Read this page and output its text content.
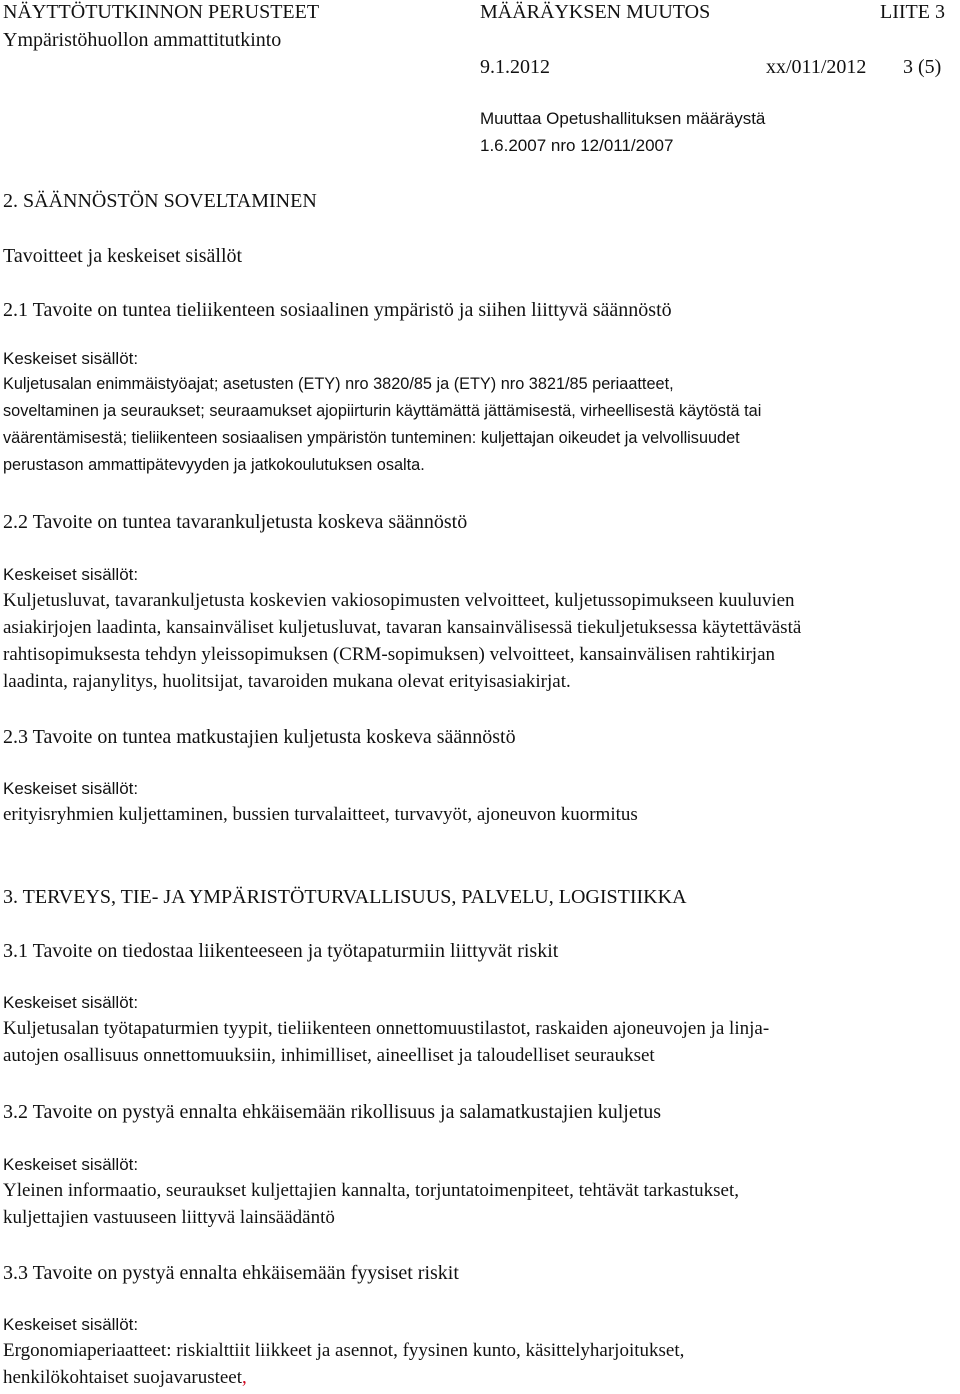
NÄYTTÖTUTKINNON PERUSTEET
Ympäristöhuollon ammattitutkinto
MÄÄRÄYKSEN MUUTOS	LIITE 3
9.1.2012	xx/011/2012 3 (5)
Muuttaa Opetushallituksen määräystä
1.6.2007 nro 12/011/2007
2. SÄÄNNÖSTÖN SOVELTAMINEN
Tavoitteet ja keskeiset sisällöt
2.1 Tavoite on tuntea tieliikenteen sosiaalinen ympäristö ja siihen liittyvä säännöstö
Keskeiset sisällöt:
Kuljetusalan enimmäistyöajat; asetusten (ETY) nro 3820/85 ja (ETY) nro 3821/85 periaatteet,
soveltaminen ja seuraukset; seuraamukset ajopiirturin käyttämättä jättämisestä, virheellisestä käytöstä tai
väärentämisestä; tieliikenteen sosiaalisen ympäristön tunteminen: kuljettajan oikeudet ja velvollisuudet
perustason ammattipätevyyden ja jatkokoulutuksen osalta.
2.2 Tavoite on tuntea tavarankuljetusta koskeva säännöstö
Keskeiset sisällöt:
Kuljetusluvat, tavarankuljetusta koskevien vakiosopimusten velvoitteet, kuljetussopimukseen kuuluvien
asiakirjojen laadinta, kansainväliset kuljetusluvat, tavaran kansainvälisessä tiekuljetuksessa käytettävästä
rahtisopimuksesta tehdyn yleissopimuksen (CRM-sopimuksen) velvoitteet, kansainvälisen rahtikirjan
laadinta, rajanylitys, huolitsijat, tavaroiden mukana olevat erityisasiakirjat.
2.3 Tavoite on tuntea matkustajien kuljetusta koskeva säännöstö
Keskeiset sisällöt:
erityisryhmien kuljettaminen, bussien turvalaitteet, turvavyöt, ajoneuvon kuormitus
3. TERVEYS, TIE- JA YMPÄRISTÖTURVALLISUUS, PALVELU, LOGISTIIKKA
3.1 Tavoite on tiedostaa liikenteeseen ja työtapaturmiin liittyvät riskit
Keskeiset sisällöt:
Kuljetusalan työtapaturmien tyypit, tieliikenteen onnettomuustilastot, raskaiden ajoneuvojen ja linja-
autojen osallisuus onnettomuuksiin, inhimilliset, aineelliset ja taloudelliset seuraukset
3.2 Tavoite on pystyä ennalta ehkäisemään rikollisuus ja salamatkustajien kuljetus
Keskeiset sisällöt:
Yleinen informaatio, seuraukset kuljettajien kannalta, torjuntatoimenpiteet, tehtävät tarkastukset,
kuljettajien vastuuseen liittyvä lainsäädäntö
3.3 Tavoite on pystyä ennalta ehkäisemään fyysiset riskit
Keskeiset sisällöt:
Ergonomiaperiaatteet: riskialttiit liikkeet ja asennot, fyysinen kunto, käsittelyharjoitukset,
henkilökohtaiset suojavarusteet,
